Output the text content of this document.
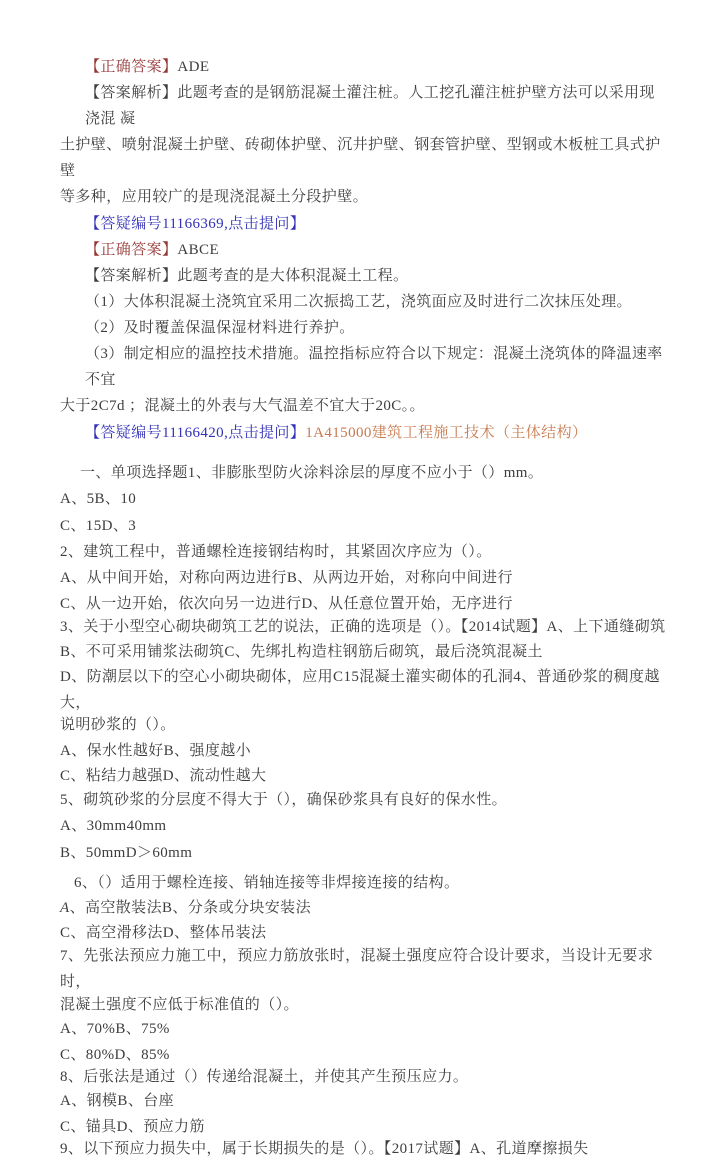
【正确答案】ADE
【答案解析】此题考查的是钢筋混凝土灌注桩。人工挖孔灌注桩护壁方法可以采用现浇混 凝
土护壁、喷射混凝土护壁、砖砌体护壁、沉井护壁、钢套管护壁、型钢或木板桩工具式护 壁
等多种，应用较广的是现浇混凝土分段护壁。
【答疑编号11166369,点击提问】
【正确答案】ABCE
【答案解析】此题考查的是大体积混凝土工程。
（1）大体积混凝土浇筑宜采用二次振捣工艺，浇筑面应及时进行二次抹压处理。
（2）及时覆盖保温保湿材料进行养护。
（3）制定相应的温控技术措施。温控指标应符合以下规定：混凝土浇筑体的降温速率不宜
大于2C7d ；混凝土的外表与大气温差不宜大于20C。。
【答疑编号11166420,点击提问】1A415000建筑工程施工技术（主体结构）
一、单项选择题1、非膨胀型防火涂料涂层的厚度不应小于（）mm。
A、5B、10
C、15D、3
2、建筑工程中，普通螺栓连接钢结构时，其紧固次序应为（）。
A、从中间开始，对称向两边进行B、从两边开始，对称向中间进行
C、从一边开始，依次向另一边进行D、从任意位置开始，无序进行
3、关于小型空心砌块砌筑工艺的说法，正确的选项是（）。【2014试题】A、上下通缝砌筑
B、不可采用铺浆法砌筑C、先绑扎构造柱钢筋后砌筑，最后浇筑混凝土
D、防潮层以下的空心小砌块砌体，应用C15混凝土灌实砌体的孔洞4、普通砂浆的稠度越大，
说明砂浆的（）。
A、保水性越好B、强度越小
C、粘结力越强D、流动性越大
5、砌筑砂浆的分层度不得大于（），确保砂浆具有良好的保水性。
A、30mm40mm
B、50mmD＞60mm
6、（）适用于螺栓连接、销轴连接等非焊接连接的结构。
A、高空散装法B、分条或分块安装法
C、高空滑移法D、整体吊装法
7、先张法预应力施工中，预应力筋放张时，混凝土强度应符合设计要求，当设计无要求 时，
混凝土强度不应低于标准值的（）。
A、70%B、75%
C、80%D、85%
8、后张法是通过（）传递给混凝土，并使其产生预压应力。
A、钢模B、台座
C、锚具D、预应力筋
9、以下预应力损失中，属于长期损失的是（）。【2017试题】A、孔道摩擦损失
